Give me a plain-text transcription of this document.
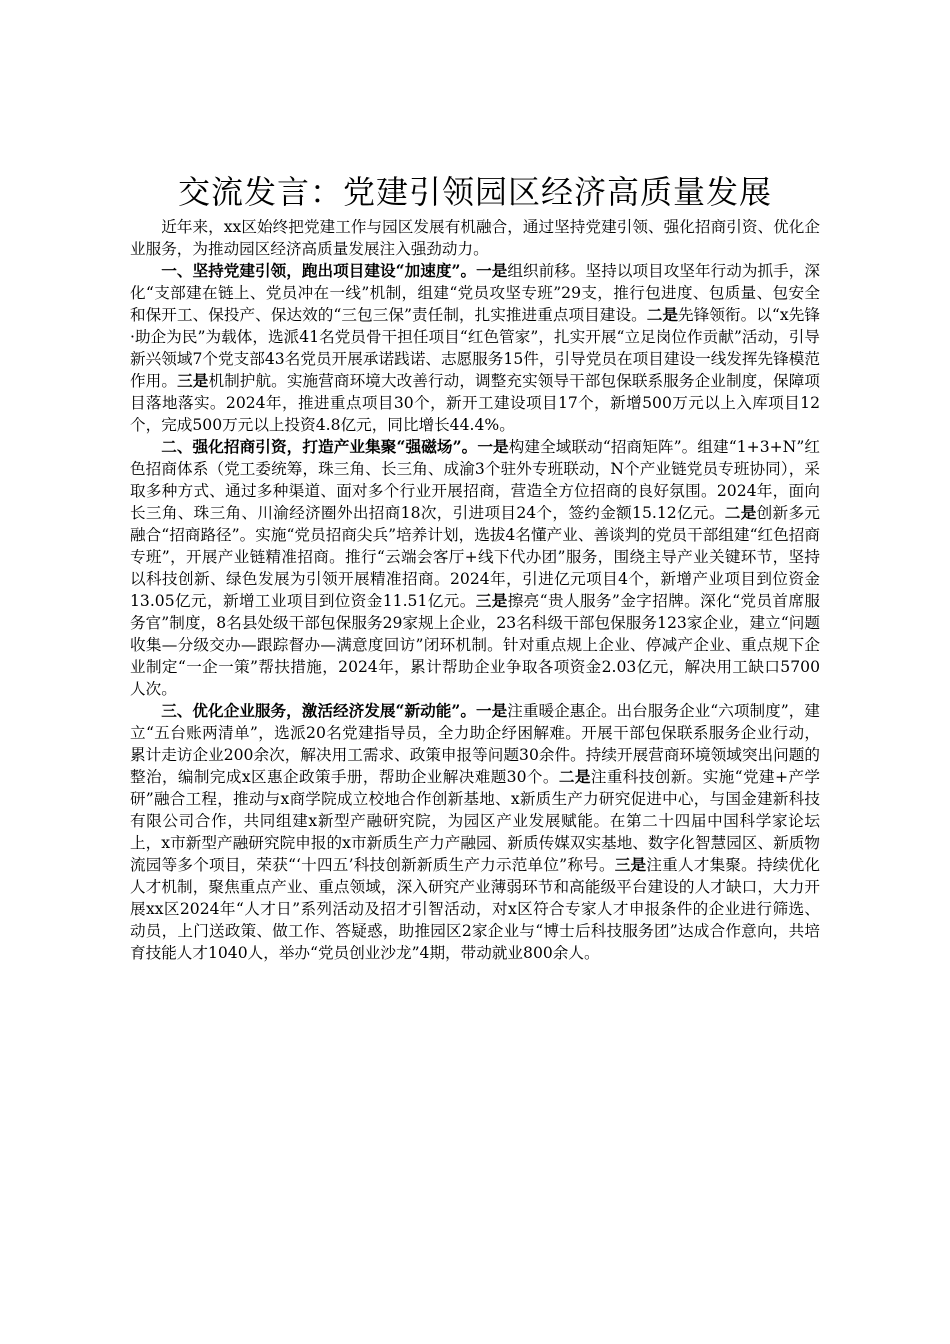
交流发言：党建引领园区经济高质量发展

近年来，xx区始终把党建工作与园区发展有机融合，通过坚持党建引领、强化招商引资、优化企业服务，为推动园区经济高质量发展注入强劲动力。

一、坚持党建引领，跑出项目建设“加速度”。一是组织前移。坚持以项目攻坚年行动为抓手，深化“支部建在链上、党员冲在一线”机制，组建“党员攻坚专班”29支，推行包进度、包质量、包安全和保开工、保投产、保达效的“三包三保”责任制，扎实推进重点项目建设。二是先锋领衔。以“x先锋·助企为民”为载体，选派41名党员骨干担任项目“红色管家”，扎实开展“立足岗位作贡献”活动，引导新兴领域7个党支部43名党员开展承诺践诺、志愿服务15件，引导党员在项目建设一线发挥先锋模范作用。三是机制护航。实施营商环境大改善行动，调整充实领导干部包保联系服务企业制度，保障项目落地落实。2024年，推进重点项目30个，新开工建设项目17个，新增500万元以上入库项目12个，完成500万元以上投资4.8亿元，同比增长44.4%。

二、强化招商引资，打造产业集聚“强磁场”。一是构建全域联动“招商矩阵”。组建“1+3+N”红色招商体系（党工委统筹，珠三角、长三角、成渝3个驻外专班联动，N个产业链党员专班协同），采取多种方式、通过多种渠道、面对多个行业开展招商，营造全方位招商的良好氛围。2024年，面向长三角、珠三角、川渝经济圈外出招商18次，引进项目24个，签约金额15.12亿元。二是创新多元融合“招商路径”。实施“党员招商尖兵”培养计划，选拔4名懂产业、善谈判的党员干部组建“红色招商专班”，开展产业链精准招商。推行“云端会客厅+线下代办团”服务，围绕主导产业关键环节，坚持以科技创新、绿色发展为引领开展精准招商。2024年，引进亿元项目4个，新增产业项目到位资金13.05亿元，新增工业项目到位资金11.51亿元。三是擦亮“贵人服务”金字招牌。深化“党员首席服务官”制度，8名县处级干部包保服务29家规上企业，23名科级干部包保服务123家企业，建立“问题收集—分级交办—跟踪督办—满意度回访”闭环机制。针对重点规上企业、停减产企业、重点规下企业制定“一企一策”帮扶措施，2024年，累计帮助企业争取各项资金2.03亿元，解决用工缺口5700人次。

三、优化企业服务，激活经济发展“新动能”。一是注重暖企惠企。出台服务企业“六项制度”，建立“五台账两清单”，选派20名党建指导员，全力助企纾困解难。开展干部包保联系服务企业行动，累计走访企业200余次，解决用工需求、政策申报等问题30余件。持续开展营商环境领域突出问题的整治，编制完成x区惠企政策手册，帮助企业解决难题30个。二是注重科技创新。实施“党建+产学研”融合工程，推动与x商学院成立校地合作创新基地、x新质生产力研究促进中心，与国金建新科技有限公司合作，共同组建x新型产融研究院，为园区产业发展赋能。在第二十四届中国科学家论坛上，x市新型产融研究院申报的x市新质生产力产融园、新质传媒双实基地、数字化智慧园区、新质物流园等多个项目，荣获“‘十四五’科技创新新质生产力示范单位”称号。三是注重人才集聚。持续优化人才机制，聚焦重点产业、重点领域，深入研究产业薄弱环节和高能级平台建设的人才缺口，大力开展xx区2024年“人才日”系列活动及招才引智活动，对x区符合专家人才申报条件的企业进行筛选、动员，上门送政策、做工作、答疑惑，助推园区2家企业与“博士后科技服务团”达成合作意向，共培育技能人才1040人，举办“党员创业沙龙”4期，带动就业800余人。
